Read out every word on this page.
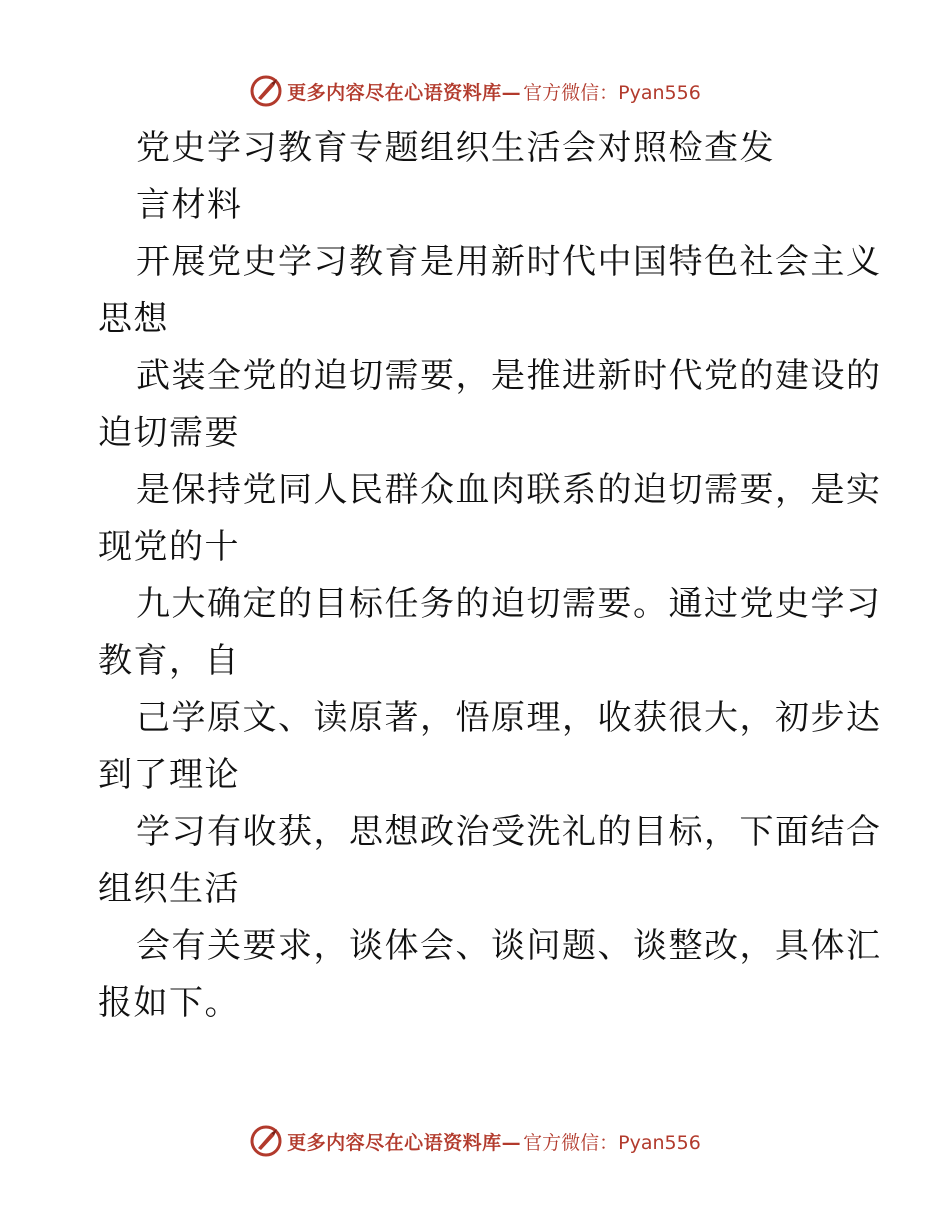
更多内容尽在心语资料库— 官方微信：Pyan556
党史学习教育专题组织生活会对照检查发
言材料
开展党史学习教育是用新时代中国特色社会主义
思想
武装全党的迫切需要，是推进新时代党的建设的
迫切需要
是保持党同人民群众血肉联系的迫切需要，是实
现党的十
九大确定的目标任务的迫切需要。通过党史学习
教育，自
己学原文、读原著，悟原理，收获很大，初步达
到了理论
学习有收获，思想政治受洗礼的目标，下面结合
组织生活
会有关要求，谈体会、谈问题、谈整改，具体汇
报如下。
更多内容尽在心语资料库— 官方微信：Pyan556
